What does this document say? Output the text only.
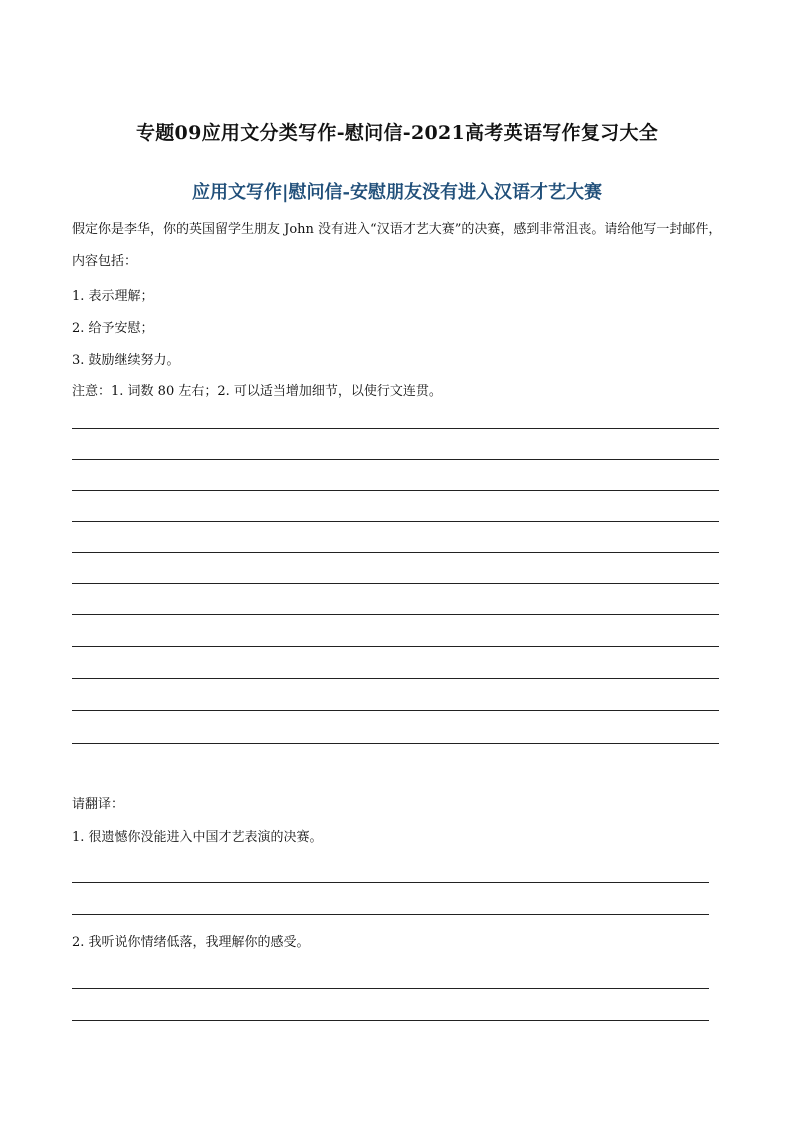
专题09应用文分类写作-慰问信-2021高考英语写作复习大全
应用文写作|慰问信-安慰朋友没有进入汉语才艺大赛
假定你是李华，你的英国留学生朋友 John 没有进入“汉语才艺大赛”的决赛，感到非常沮丧。请给他写一封邮件，内容包括：
1. 表示理解；
2. 给予安慰；
3. 鼓励继续努力。
注意：1. 词数 80 左右；2. 可以适当增加细节，以使行文连贯。
请翻译：
1. 很遗憾你没能进入中国才艺表演的决赛。
2. 我听说你情绪低落，我理解你的感受。
